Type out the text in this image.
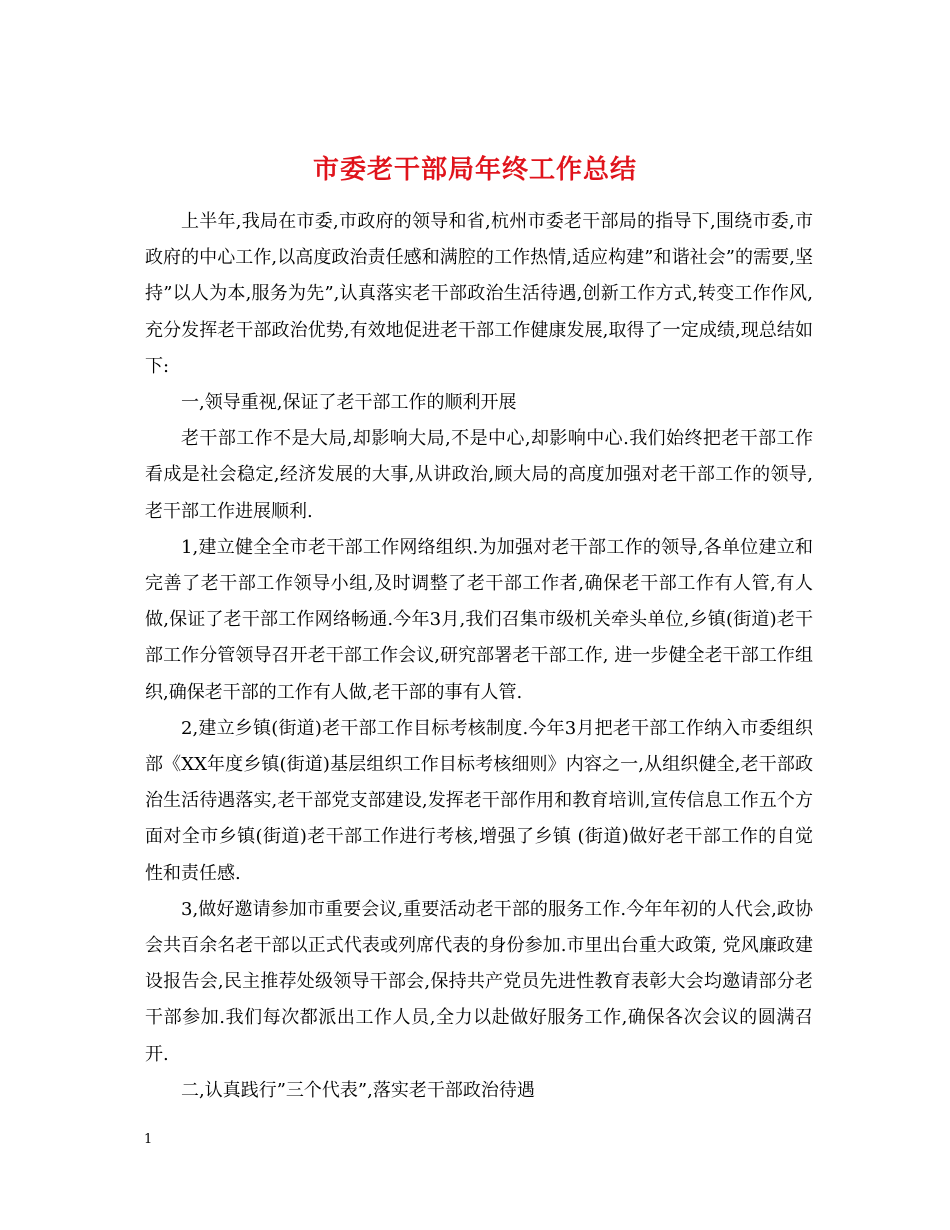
市委老干部局年终工作总结

上半年,我局在市委,市政府的领导和省,杭州市委老干部局的指导下,围绕市委,市政府的中心工作,以高度政治责任感和满腔的工作热情,适应构建”和谐社会”的需要,坚持”以人为本,服务为先”,认真落实老干部政治生活待遇,创新工作方式,转变工作作风,充分发挥老干部政治优势,有效地促进老干部工作健康发展,取得了一定成绩,现总结如下:

一,领导重视,保证了老干部工作的顺利开展

老干部工作不是大局,却影响大局,不是中心,却影响中心.我们始终把老干部工作看成是社会稳定,经济发展的大事,从讲政治,顾大局的高度加强对老干部工作的领导,老干部工作进展顺利.

1,建立健全全市老干部工作网络组织.为加强对老干部工作的领导,各单位建立和完善了老干部工作领导小组,及时调整了老干部工作者,确保老干部工作有人管,有人做,保证了老干部工作网络畅通.今年3月,我们召集市级机关牵头单位,乡镇(街道)老干部工作分管领导召开老干部工作会议,研究部署老干部工作, 进一步健全老干部工作组织,确保老干部的工作有人做,老干部的事有人管.

2,建立乡镇(街道)老干部工作目标考核制度.今年3月把老干部工作纳入市委组织部《XX年度乡镇(街道)基层组织工作目标考核细则》内容之一,从组织健全,老干部政治生活待遇落实,老干部党支部建设,发挥老干部作用和教育培训,宣传信息工作五个方面对全市乡镇(街道)老干部工作进行考核,增强了乡镇 (街道)做好老干部工作的自觉性和责任感.

3,做好邀请参加市重要会议,重要活动老干部的服务工作.今年年初的人代会,政协会共百余名老干部以正式代表或列席代表的身份参加.市里出台重大政策, 党风廉政建设报告会,民主推荐处级领导干部会,保持共产党员先进性教育表彰大会均邀请部分老干部参加.我们每次都派出工作人员,全力以赴做好服务工作,确保各次会议的圆满召开.

二,认真践行”三个代表”,落实老干部政治待遇

1
